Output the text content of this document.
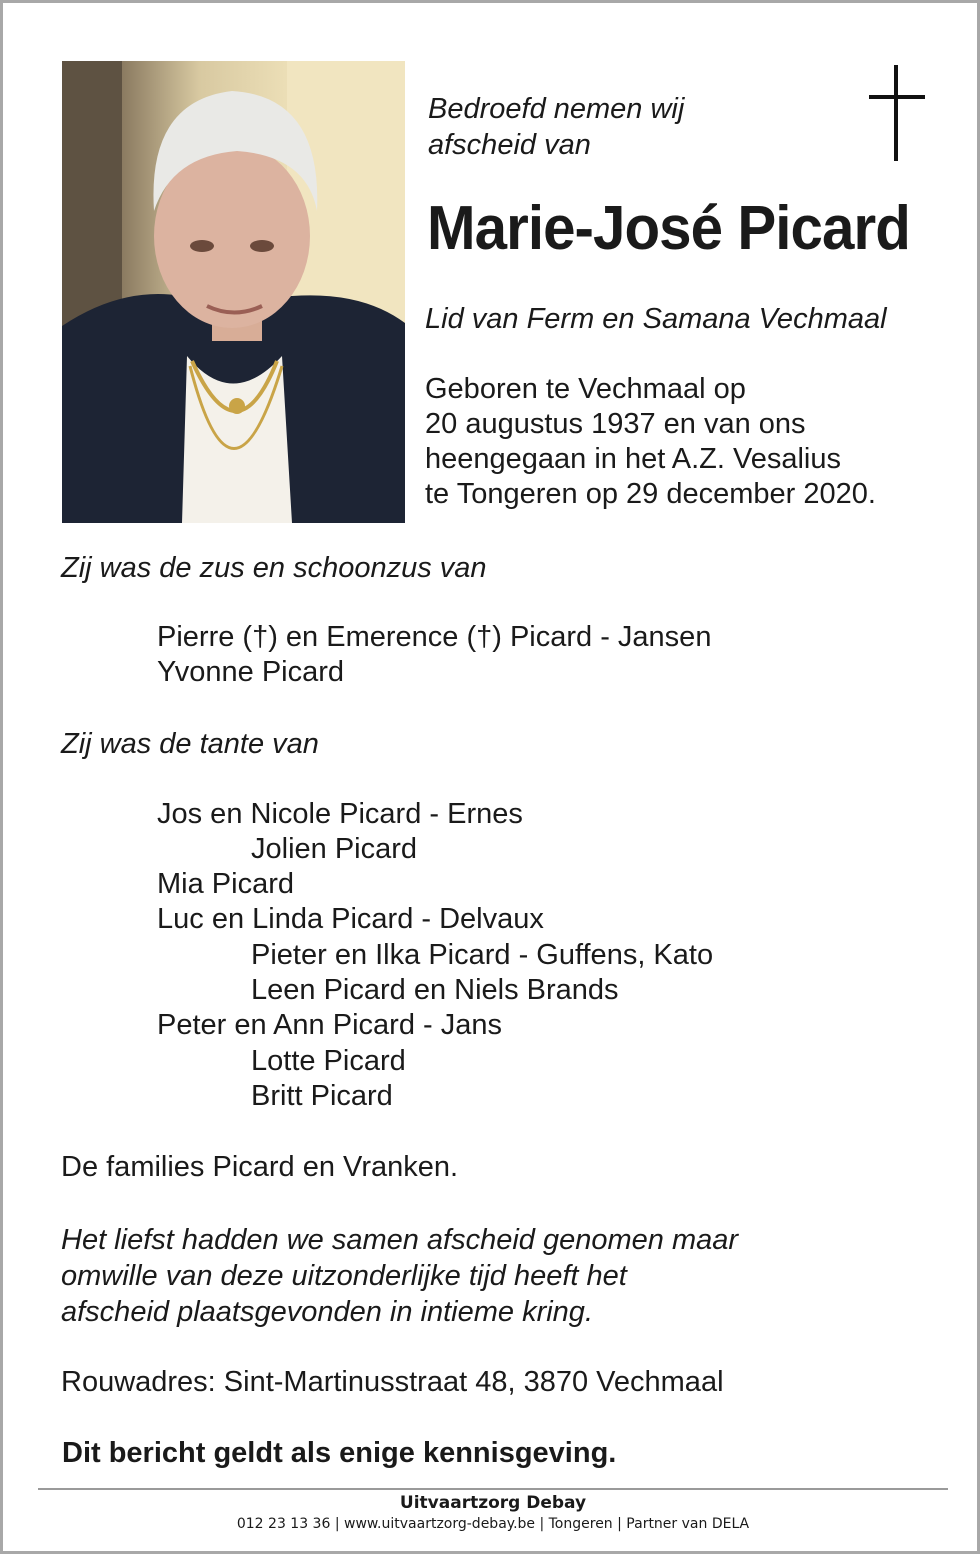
Bedroefd nemen wij
afscheid van
Marie-José Picard
Lid van Ferm en Samana Vechmaal
Geboren te Vechmaal op
20 augustus 1937 en van ons
heengegaan in het A.Z. Vesalius
te Tongeren op 29 december 2020.
Zij was de zus en schoonzus van
Pierre (†) en Emerence (†) Picard - Jansen
Yvonne Picard
Zij was de tante van
Jos en Nicole Picard - Ernes
Jolien Picard
Mia Picard
Luc en Linda Picard - Delvaux
Pieter en Ilka Picard - Guffens, Kato
Leen Picard en Niels Brands
Peter en Ann Picard - Jans
Lotte Picard
Britt Picard
De families Picard en Vranken.
Het liefst hadden we samen afscheid genomen maar
omwille van deze uitzonderlijke tijd heeft het
afscheid plaatsgevonden in intieme kring.
Rouwadres: Sint-Martinusstraat 48, 3870 Vechmaal
Dit bericht geldt als enige kennisgeving.

Uitvaartzorg Debay

012 23 13 36 | www.uitvaartzorg-debay.be | Tongeren | Partner van DELA
